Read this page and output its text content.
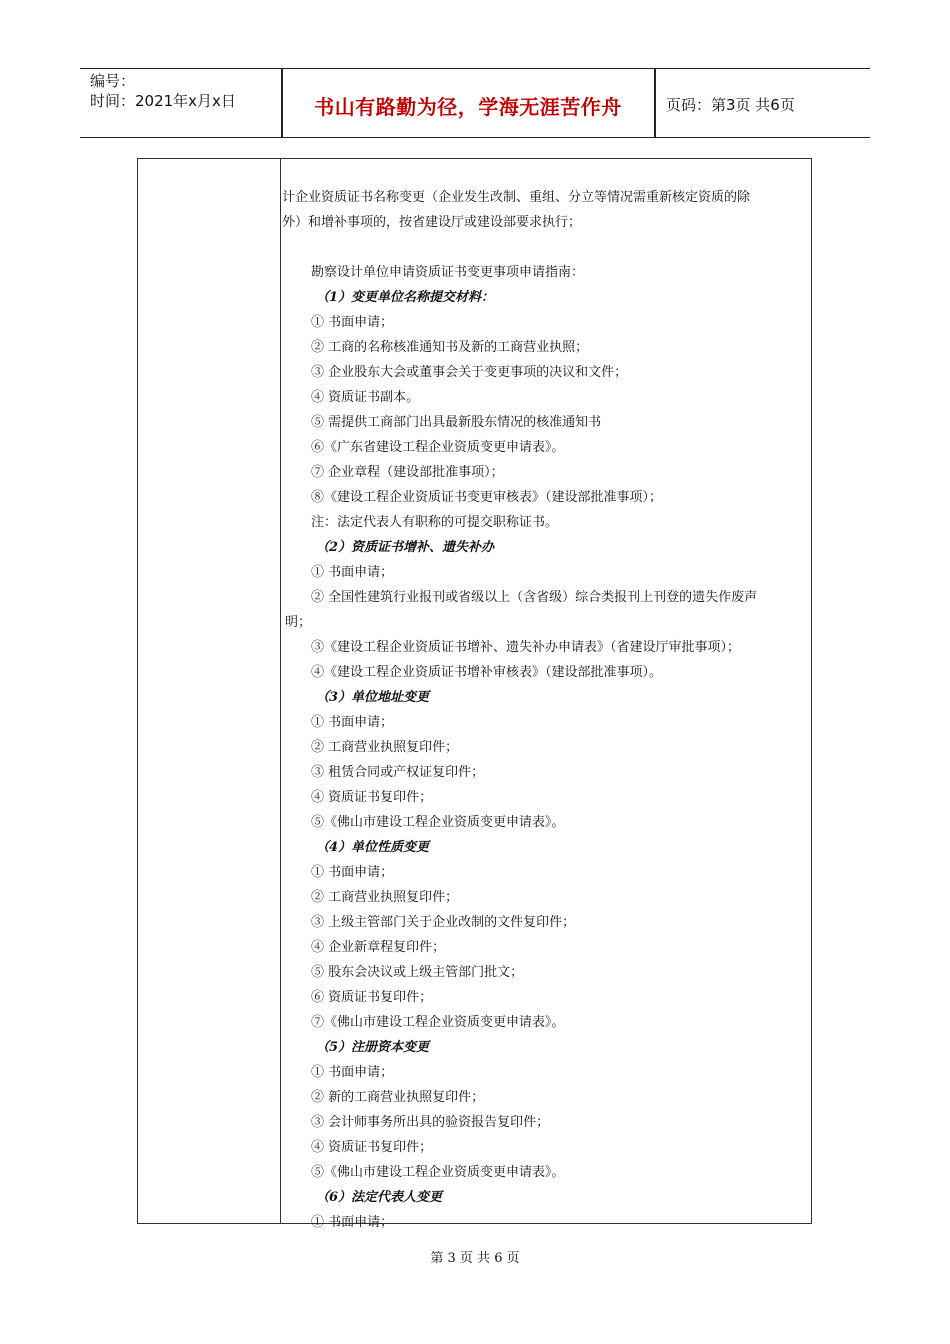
编号：
时间：2021年x月x日	书山有路勤为径，学海无涯苦作舟	页码：第3页 共6页
计企业资质证书名称变更（企业发生改制、重组、分立等情况需重新核定资质的除
外）和增补事项的，按省建设厅或建设部要求执行；
勘察设计单位申请资质证书变更事项申请指南：
（1）变更单位名称提交材料：
① 书面申请；
② 工商的名称核准通知书及新的工商营业执照；
③ 企业股东大会或董事会关于变更事项的决议和文件；
④ 资质证书副本。
⑤ 需提供工商部门出具最新股东情况的核准通知书
⑥《广东省建设工程企业资质变更申请表》。
⑦ 企业章程（建设部批准事项）；
⑧《建设工程企业资质证书变更审核表》（建设部批准事项）；
注：法定代表人有职称的可提交职称证书。
（2）资质证书增补、遗失补办
① 书面申请；
② 全国性建筑行业报刊或省级以上（含省级）综合类报刊上刊登的遗失作废声
明；
③《建设工程企业资质证书增补、遗失补办申请表》（省建设厅审批事项）；
④《建设工程企业资质证书增补审核表》（建设部批准事项）。
（3）单位地址变更
① 书面申请；
② 工商营业执照复印件；
③ 租赁合同或产权证复印件；
④ 资质证书复印件；
⑤《佛山市建设工程企业资质变更申请表》。
（4）单位性质变更
① 书面申请；
② 工商营业执照复印件；
③ 上级主管部门关于企业改制的文件复印件；
④ 企业新章程复印件；
⑤ 股东会决议或上级主管部门批文；
⑥ 资质证书复印件；
⑦《佛山市建设工程企业资质变更申请表》。
（5）注册资本变更
① 书面申请；
② 新的工商营业执照复印件；
③ 会计师事务所出具的验资报告复印件；
④ 资质证书复印件；
⑤《佛山市建设工程企业资质变更申请表》。
（6）法定代表人变更
① 书面申请；
第 3 页 共 6 页
